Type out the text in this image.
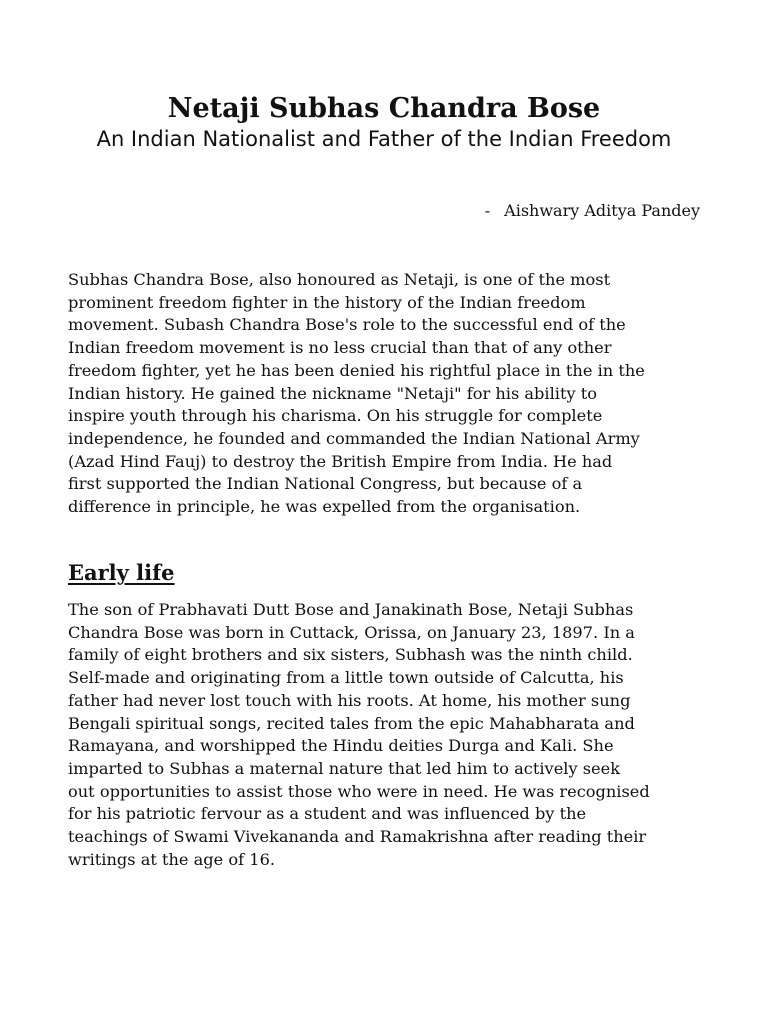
Netaji Subhas Chandra Bose

An Indian Nationalist and Father of the Indian Freedom

- Aishwary Aditya Pandey

Subhas Chandra Bose, also honoured as Netaji, is one of the most
prominent freedom fighter in the history of the Indian freedom
movement. Subash Chandra Bose's role to the successful end of the
Indian freedom movement is no less crucial than that of any other
freedom fighter, yet he has been denied his rightful place in the in the
Indian history. He gained the nickname "Netaji" for his ability to
inspire youth through his charisma. On his struggle for complete
independence, he founded and commanded the Indian National Army
(Azad Hind Fauj) to destroy the British Empire from India. He had
first supported the Indian National Congress, but because of a
difference in principle, he was expelled from the organisation.

Early life

The son of Prabhavati Dutt Bose and Janakinath Bose, Netaji Subhas
Chandra Bose was born in Cuttack, Orissa, on January 23, 1897. In a
family of eight brothers and six sisters, Subhash was the ninth child.
Self-made and originating from a little town outside of Calcutta, his
father had never lost touch with his roots. At home, his mother sung
Bengali spiritual songs, recited tales from the epic Mahabharata and
Ramayana, and worshipped the Hindu deities Durga and Kali. She
imparted to Subhas a maternal nature that led him to actively seek
out opportunities to assist those who were in need. He was recognised
for his patriotic fervour as a student and was influenced by the
teachings of Swami Vivekananda and Ramakrishna after reading their
writings at the age of 16.
